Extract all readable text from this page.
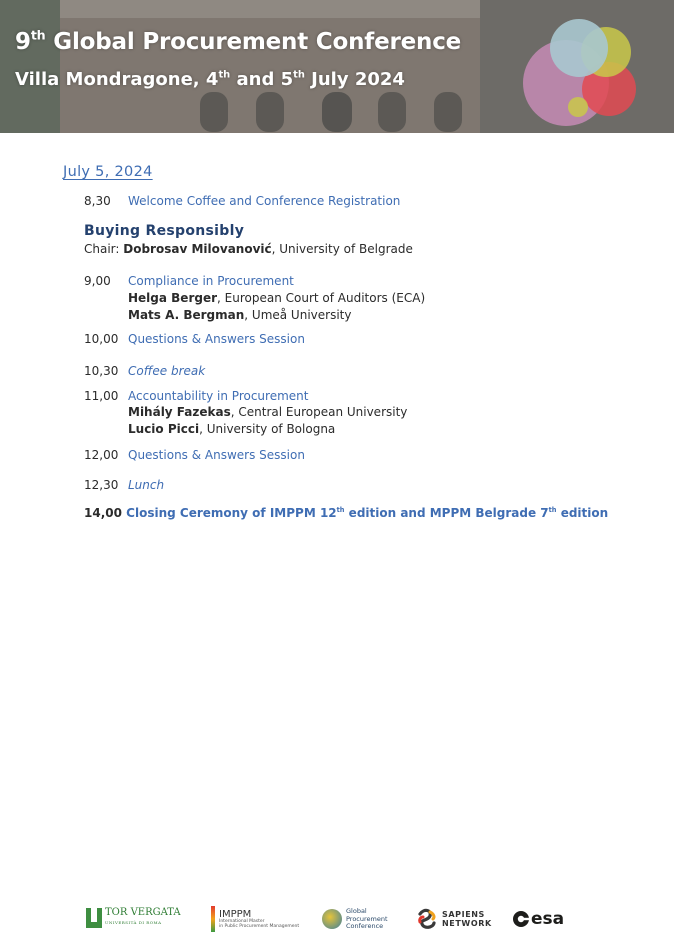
9th Global Procurement Conference
Villa Mondragone, 4th and 5th July 2024
July 5, 2024
8,30 Welcome Coffee and Conference Registration
Buying Responsibly
Chair: Dobrosav Milovanović, University of Belgrade
9,00 Compliance in Procurement
Helga Berger, European Court of Auditors (ECA)
Mats A. Bergman, Umeå University
10,00 Questions & Answers Session
10,30 Coffee break
11,00 Accountability in Procurement
Mihály Fazekas, Central European University
Lucio Picci, University of Bologna
12,00 Questions & Answers Session
12,30 Lunch
14,00 Closing Ceremony of IMPPM 12th edition and MPPM Belgrade 7th edition
TOR VERGATA
UNIVERSITÀ DI ROMA
IMPPM
International Master
in Public Procurement Management
Global
Procurement
Conference
SAPIENS
NETWORK esa
